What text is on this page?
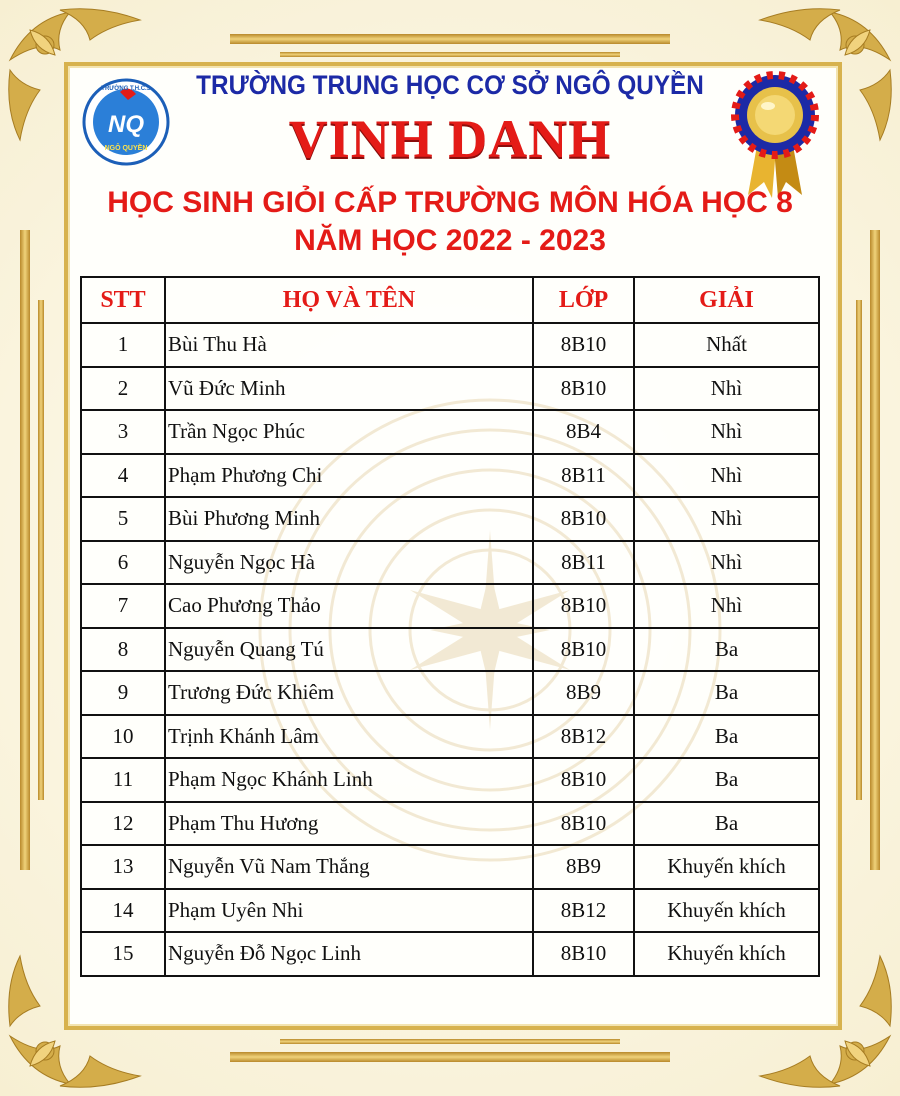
NQ
NGÔ QUYỀN
TRƯỜNG T.H.C.S TRƯỜNG TRUNG HỌC CƠ SỞ NGÔ QUYỀN
VINH DANH
HỌC SINH GIỎI CẤP TRƯỜNG MÔN HÓA HỌC 8
NĂM HỌC 2022 - 2023
STT	HỌ VÀ TÊN	LỚP	GIẢI
1	Bùi Thu Hà	8B10	Nhất
2	Vũ Đức Minh	8B10	Nhì
3	Trần Ngọc Phúc	8B4	Nhì
4	Phạm Phương Chi	8B11	Nhì
5	Bùi Phương Minh	8B10	Nhì
6	Nguyễn Ngọc Hà	8B11	Nhì
7	Cao Phương Thảo	8B10	Nhì
8	Nguyễn Quang Tú	8B10	Ba
9	Trương Đức Khiêm	8B9	Ba
10	Trịnh Khánh Lâm	8B12	Ba
11	Phạm Ngọc Khánh Linh	8B10	Ba
12	Phạm Thu Hương	8B10	Ba
13	Nguyễn Vũ Nam Thắng	8B9	Khuyến khích
14	Phạm Uyên Nhi	8B12	Khuyến khích
15	Nguyễn Đỗ Ngọc Linh	8B10	Khuyến khích
